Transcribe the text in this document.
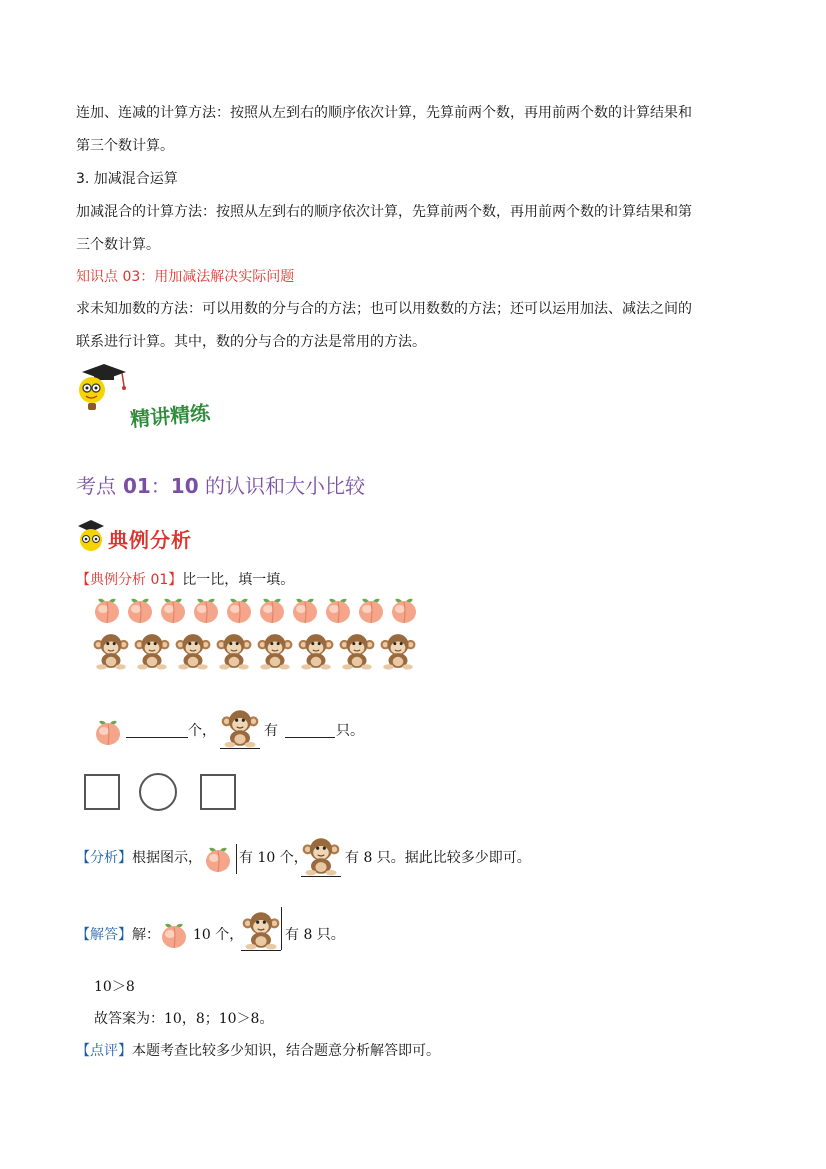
连加、连减的计算方法：按照从左到右的顺序依次计算，先算前两个数，再用前两个数的计算结果和
第三个数计算。
3. 加减混合运算
加减混合的计算方法：按照从左到右的顺序依次计算，先算前两个数，再用前两个数的计算结果和第
三个数计算。
知识点 03：用加减法解决实际问题
求未知加数的方法：可以用数的分与合的方法；也可以用数数的方法；还可以运用加法、减法之间的
联系进行计算。其中，数的分与合的方法是常用的方法。
精讲精练
考点 01：10 的认识和大小比较
典例分析
【典例分析 01】比一比，填一填。
个，	有	只。
【分析】根据图示，	有 10 个，	有 8 只。据此比较多少即可。
【解答】解： 10 个，	有 8 只。
10＞8
故答案为：10，8；10＞8。
【点评】本题考查比较多少知识，结合题意分析解答即可。
